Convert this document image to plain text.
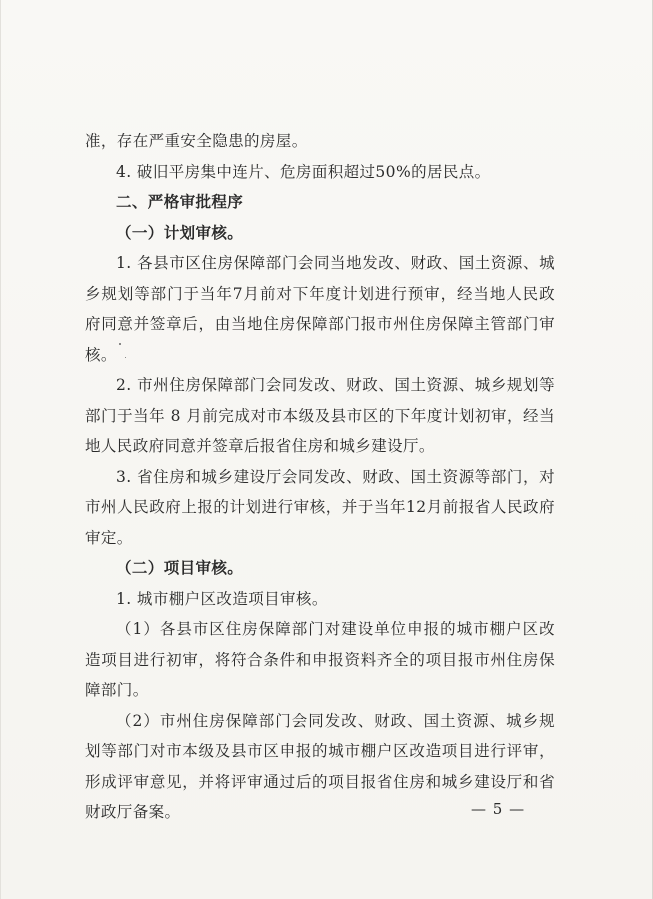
准，存在严重安全隐患的房屋。

4. 破旧平房集中连片、危房面积超过50%的居民点。

二、严格审批程序

（一）计划审核。

1. 各县市区住房保障部门会同当地发改、财政、国土资源、城乡规划等部门于当年7月前对下年度计划进行预审，经当地人民政府同意并签章后，由当地住房保障部门报市州住房保障主管部门审核。

2. 市州住房保障部门会同发改、财政、国土资源、城乡规划等部门于当年 8 月前完成对市本级及县市区的下年度计划初审，经当地人民政府同意并签章后报省住房和城乡建设厅。

3. 省住房和城乡建设厅会同发改、财政、国土资源等部门，对市州人民政府上报的计划进行审核，并于当年12月前报省人民政府审定。

（二）项目审核。

1. 城市棚户区改造项目审核。

（1）各县市区住房保障部门对建设单位申报的城市棚户区改造项目进行初审，将符合条件和申报资料齐全的项目报市州住房保障部门。

（2）市州住房保障部门会同发改、财政、国土资源、城乡规划等部门对市本级及县市区申报的城市棚户区改造项目进行评审，形成评审意见，并将评审通过后的项目报省住房和城乡建设厅和省财政厅备案。	— 5 —
